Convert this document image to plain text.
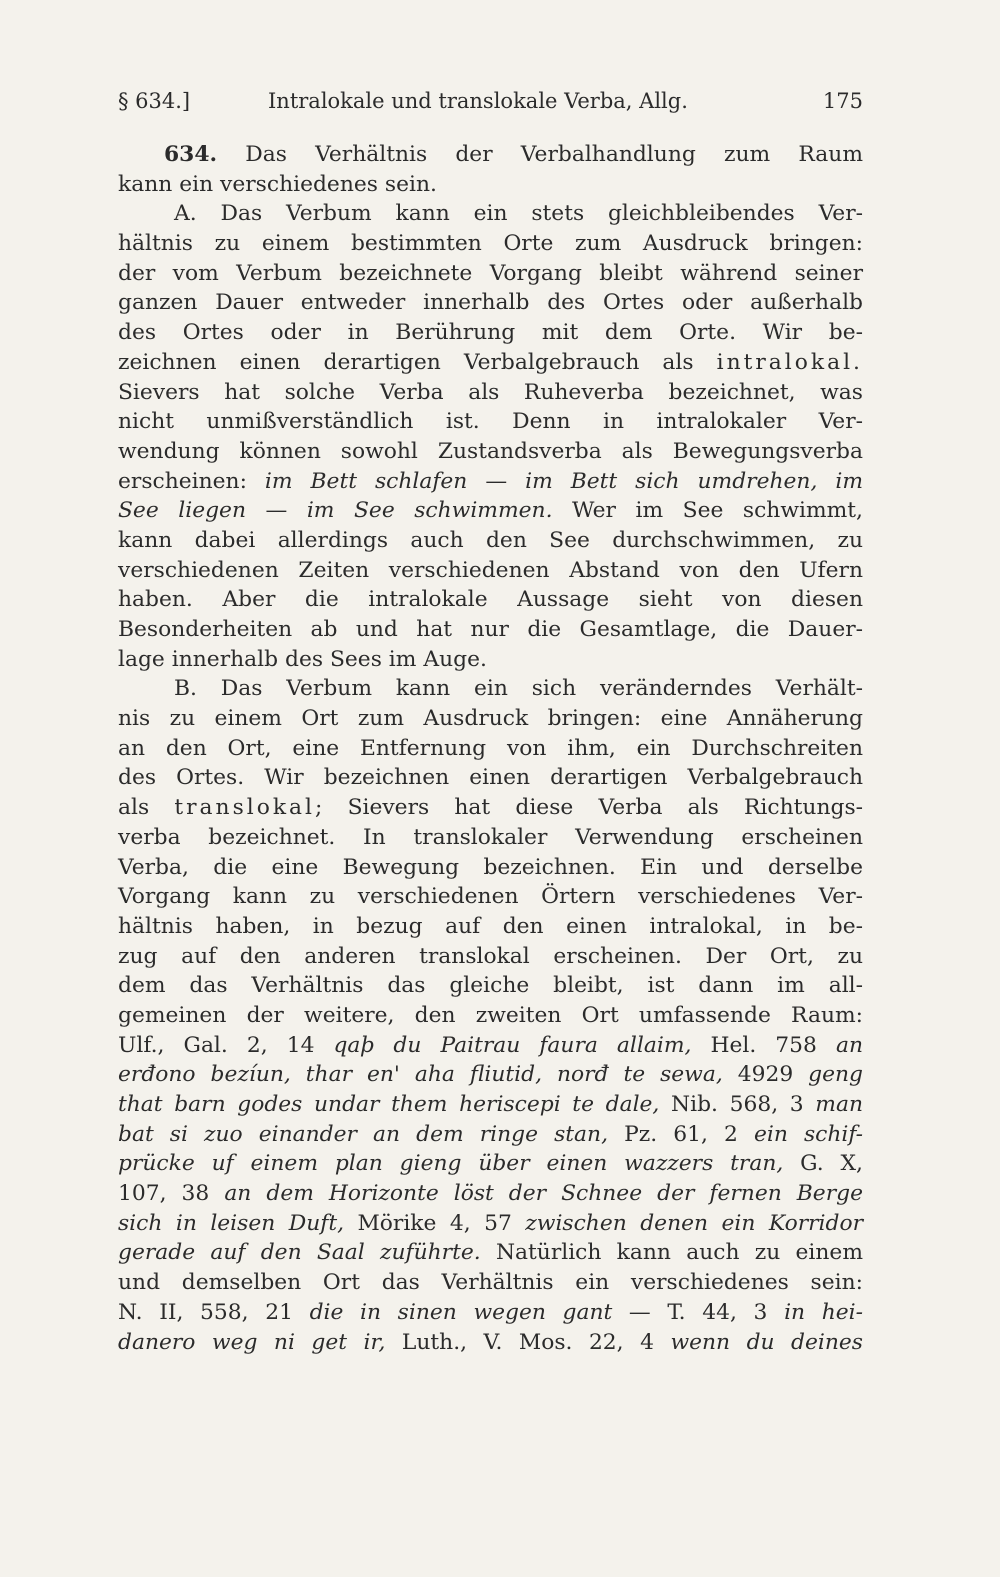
§ 634.]	Intralokale und translokale Verba, Allg.	175
634. Das Verhältnis der Verbalhandlung zum Raum
kann ein verschiedenes sein.
A. Das Verbum kann ein stets gleichbleibendes Ver-
hältnis zu einem bestimmten Orte zum Ausdruck bringen:
der vom Verbum bezeichnete Vorgang bleibt während seiner
ganzen Dauer entweder innerhalb des Ortes oder außerhalb
des Ortes oder in Berührung mit dem Orte. Wir be-
zeichnen einen derartigen Verbalgebrauch als intralokal.
Sievers hat solche Verba als Ruheverba bezeichnet, was
nicht unmißverständlich ist. Denn in intralokaler Ver-
wendung können sowohl Zustandsverba als Bewegungsverba
erscheinen: im Bett schlafen — im Bett sich umdrehen, im
See liegen — im See schwimmen. Wer im See schwimmt,
kann dabei allerdings auch den See durchschwimmen, zu
verschiedenen Zeiten verschiedenen Abstand von den Ufern
haben. Aber die intralokale Aussage sieht von diesen
Besonderheiten ab und hat nur die Gesamtlage, die Dauer-
lage innerhalb des Sees im Auge.
B. Das Verbum kann ein sich veränderndes Verhält-
nis zu einem Ort zum Ausdruck bringen: eine Annäherung
an den Ort, eine Entfernung von ihm, ein Durchschreiten
des Ortes. Wir bezeichnen einen derartigen Verbalgebrauch
als translokal; Sievers hat diese Verba als Richtungs-
verba bezeichnet. In translokaler Verwendung erscheinen
Verba, die eine Bewegung bezeichnen. Ein und derselbe
Vorgang kann zu verschiedenen Örtern verschiedenes Ver-
hältnis haben, in bezug auf den einen intralokal, in be-
zug auf den anderen translokal erscheinen. Der Ort, zu
dem das Verhältnis das gleiche bleibt, ist dann im all-
gemeinen der weitere, den zweiten Ort umfassende Raum:
Ulf., Gal. 2, 14 qaþ du Paitrau faura allaim, Hel. 758 an
erđono bezíun, thar en' aha fliutid, norđ te sewa, 4929 geng
that barn godes undar them heriscepi te dale, Nib. 568, 3 man
bat si zuo einander an dem ringe stan, Pz. 61, 2 ein schif-
prücke uf einem plan gieng über einen wazzers tran, G. X,
107, 38 an dem Horizonte löst der Schnee der fernen Berge
sich in leisen Duft, Mörike 4, 57 zwischen denen ein Korridor
gerade auf den Saal zuführte. Natürlich kann auch zu einem
und demselben Ort das Verhältnis ein verschiedenes sein:
N. II, 558, 21 die in sinen wegen gant — T. 44, 3 in hei-
danero weg ni get ir, Luth., V. Mos. 22, 4 wenn du deines
